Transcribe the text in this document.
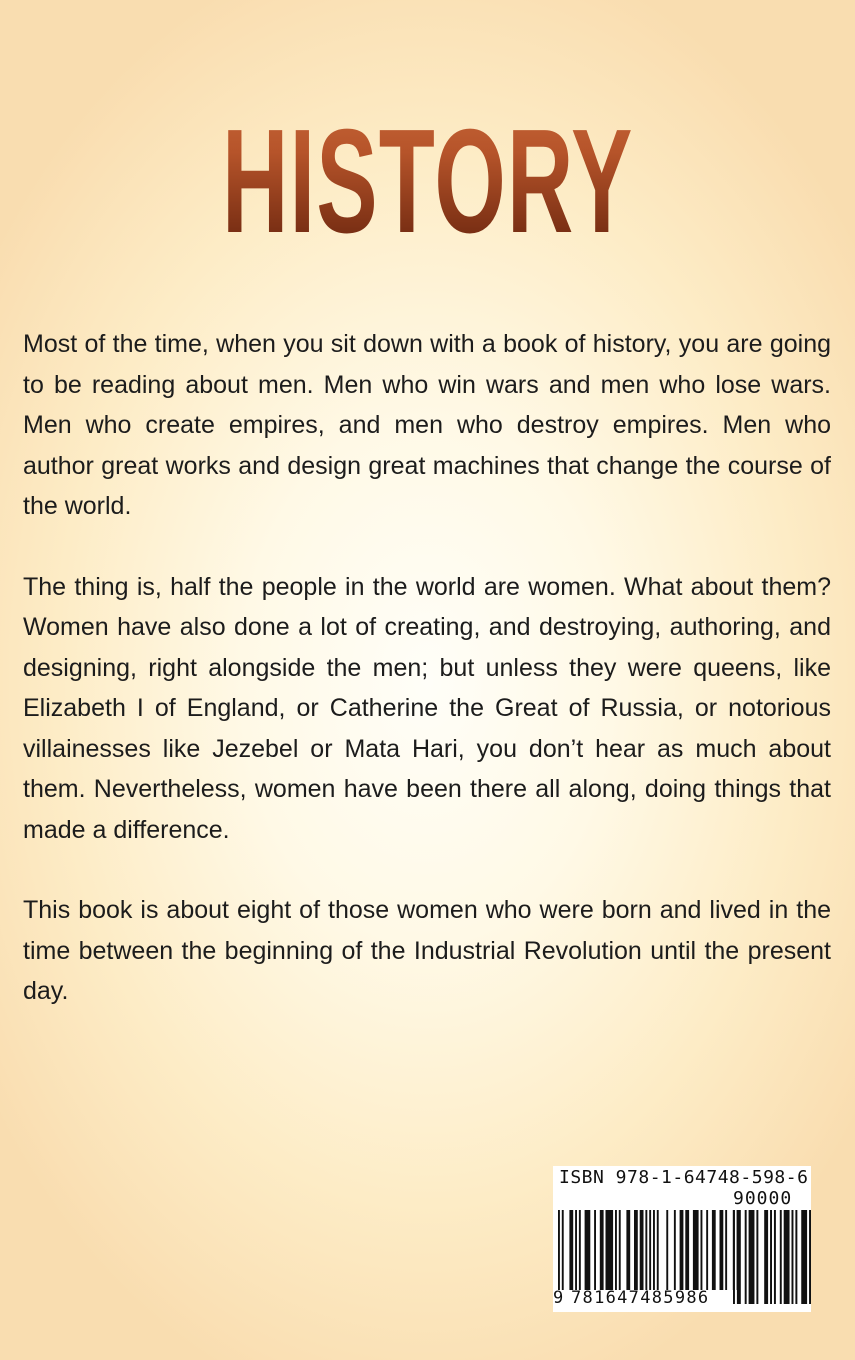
HISTORY

Most of the time, when you sit down with a book of history, you are going to be reading about men. Men who win wars and men who lose wars. Men who create empires, and men who destroy empires. Men who author great works and design great machines that change the course of the world.

The thing is, half the people in the world are women. What about them? Women have also done a lot of creating, and destroying, authoring, and designing, right alongside the men; but unless they were queens, like Elizabeth I of England, or Catherine the Great of Russia, or notorious villainesses like Jezebel or Mata Hari, you don’t hear as much about them. Nevertheless, women have been there all along, doing things that made a difference.

This book is about eight of those women who were born and lived in the time between the beginning of the Industrial Revolution until the present day.

ISBN 978-1-64748-598-6
90000
9 781647485986
